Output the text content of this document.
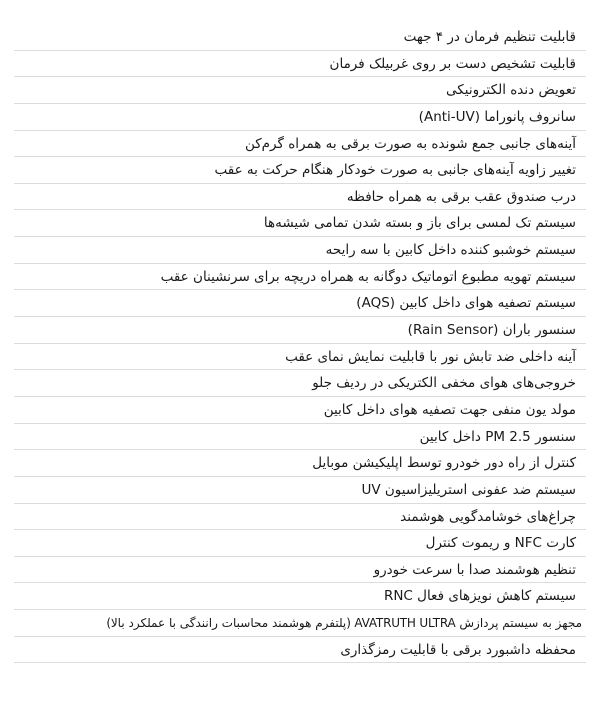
قابلیت تنظیم فرمان در ۴ جهت
قابلیت تشخیص دست بر روی غربیلک فرمان
تعویض دنده الکترونیکی
سانروف پانوراما (Anti-UV)
آینه‌های جانبی جمع شونده به صورت برقی به همراه گرم‌کن
تغییر زاویه آینه‌های جانبی به صورت خودکار هنگام حرکت به عقب
درب صندوق عقب برقی به همراه حافظه
سیستم تک لمسی برای باز و بسته شدن تمامی شیشه‌ها
سیستم خوشبو کننده داخل کابین با سه رایحه
سیستم تهویه مطبوع اتوماتیک دوگانه به همراه دریچه برای سرنشینان عقب
سیستم تصفیه هوای داخل کابین (AQS)
سنسور باران (Rain Sensor)
آینه داخلی ضد تابش نور با قابلیت نمایش نمای عقب
خروجی‌های هوای مخفی الکتریکی در ردیف جلو
مولد یون منفی جهت تصفیه هوای داخل کابین
سنسور PM 2.5 داخل کابین
کنترل از راه دور خودرو توسط اپلیکیشن موبایل
سیستم ضد عفونی استریلیزاسیون UV
چراغ‌های خوشامدگویی هوشمند
کارت NFC و ریموت کنترل
تنظیم هوشمند صدا با سرعت خودرو
سیستم کاهش نویزهای فعال RNC
مجهز به سیستم پردازش AVATRUTH ULTRA (پلتفرم هوشمند محاسبات رانندگی با عملکرد بالا)
محفظه داشبورد برقی با قابلیت رمزگذاری
